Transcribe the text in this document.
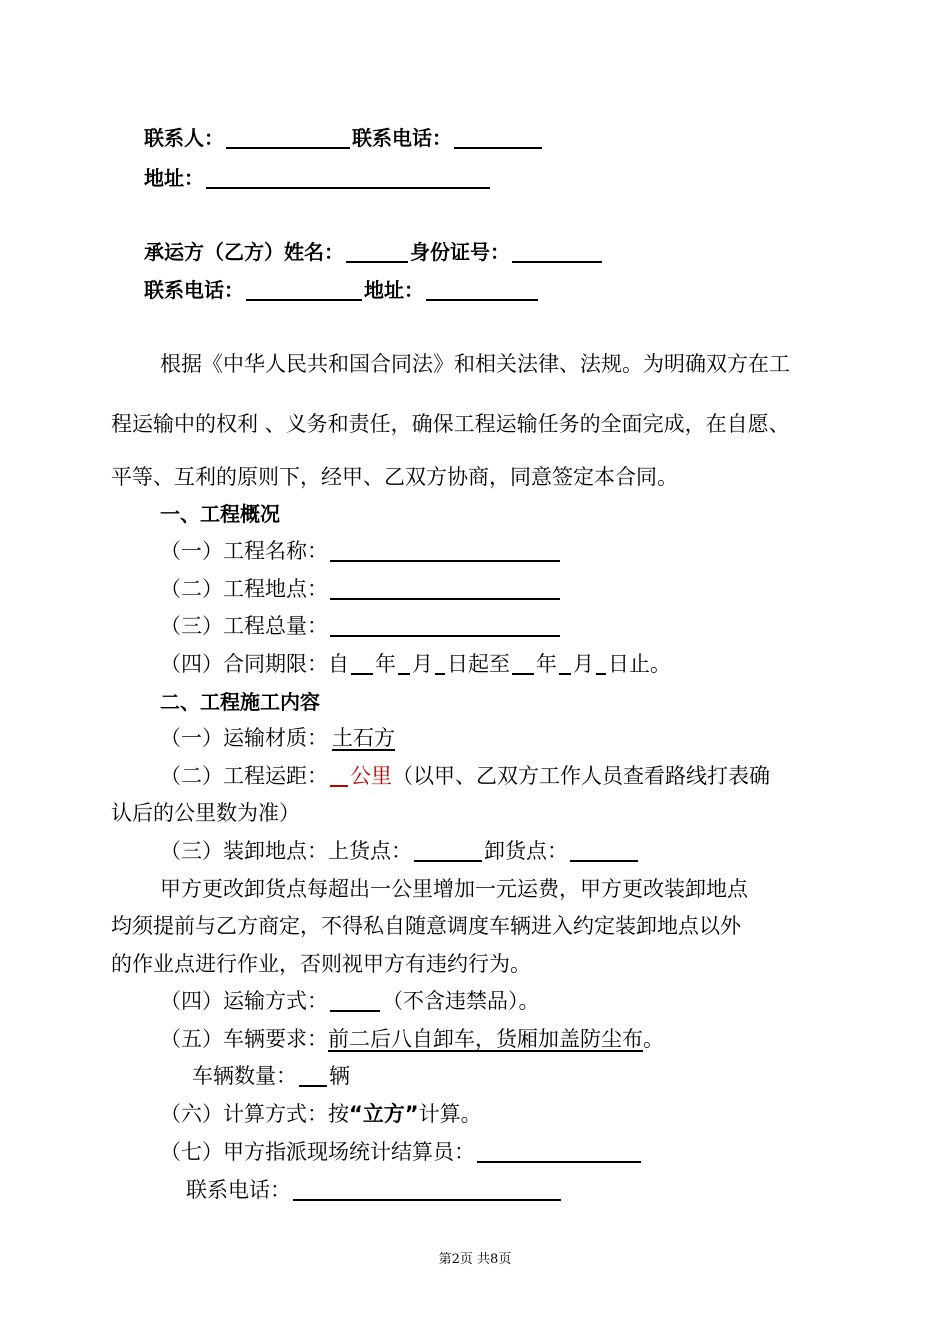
联系人：	联系电话：
地址：
承运方（乙方）姓名：	身份证号：
联系电话：	地址：
根据《中华人民共和国合同法》和相关法律、法规。为明确双方在工
程运输中的权利 、义务和责任，确保工程运输任务的全面完成，在自愿、
平等、互利的原则下，经甲、乙双方协商，同意签定本合同。
一、工程概况
（一）工程名称：
（二）工程地点：
（三）工程总量：
（四）合同期限：自 年 月 日起至 年 月 日止。
二、工程施工内容
（一）运输材质： 土石方
（二）工程运距： 公里（以甲、乙双方工作人员查看路线打表确
认后的公里数为准）
（三）装卸地点：上货点：	卸货点：
甲方更改卸货点每超出一公里增加一元运费，甲方更改装卸地点
均须提前与乙方商定，不得私自随意调度车辆进入约定装卸地点以外
的作业点进行作业，否则视甲方有违约行为。
（四）运输方式：	（不含违禁品）。
（五）车辆要求：前二后八自卸车，货厢加盖防尘布。
车辆数量： 辆
（六）计算方式：按“立方”计算。
（七）甲方指派现场统计结算员：
联系电话：
第2页 共8页
